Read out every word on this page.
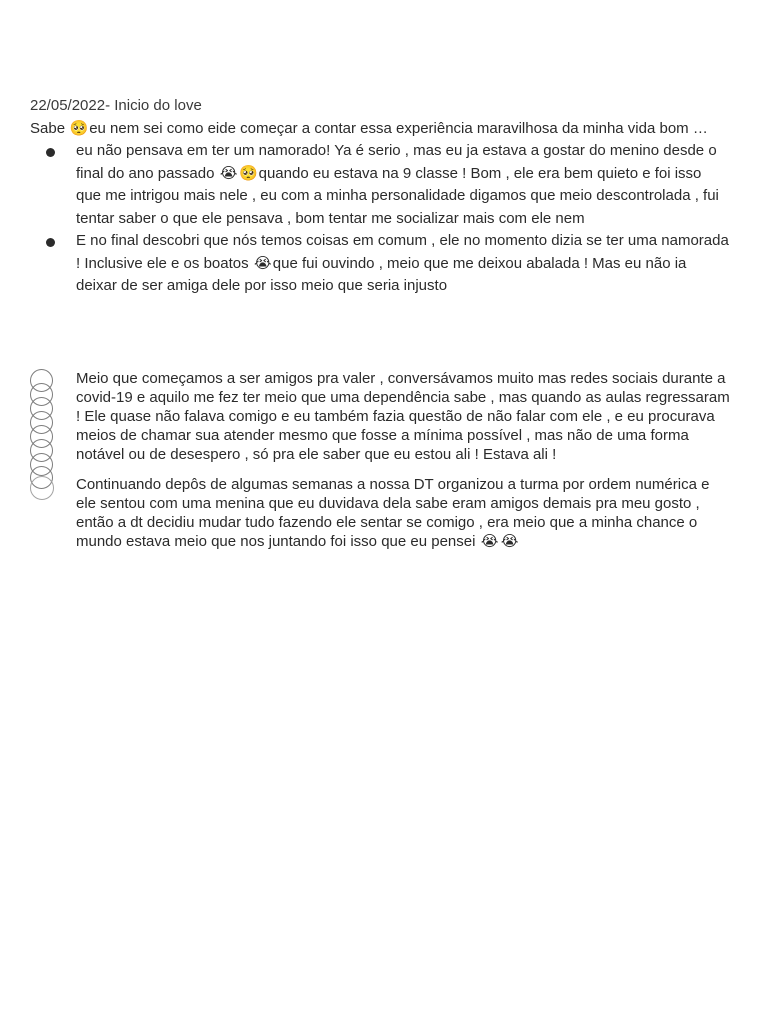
22/05/2022- Inicio do love

Sabe 🥺eu nem sei como eide começar a contar essa experiência maravilhosa da minha vida bom …

eu não pensava em ter um namorado! Ya é serio , mas eu ja estava a gostar do menino desde o final do ano passado 😭 🥺quando eu estava na 9 classe ! Bom , ele era bem quieto e foi isso que me intrigou mais nele , eu com a minha personalidade digamos que meio descontrolada , fui tentar saber o que ele pensava , bom tentar me socializar mais com ele nem
E no final descobri que nós temos coisas em comum , ele no momento dizia se ter uma namorada ! Inclusive ele e os boatos 😭que fui ouvindo , meio que me deixou abalada ! Mas eu não ia deixar de ser amiga dele por isso meio que seria injusto
Meio que começamos a ser amigos pra valer , conversávamos muito mas redes sociais durante a covid-19 e aquilo me fez ter meio que uma dependência sabe , mas quando as aulas regressaram ! Ele quase não falava comigo e eu também fazia questão de não falar com ele , e eu procurava meios de chamar sua atender mesmo que fosse a mínima possível , mas não de uma forma notável ou de desespero , só pra ele saber que eu estou ali ! Estava ali !
Continuando depôs de algumas semanas a nossa DT organizou a turma por ordem numérica e ele sentou com uma menina que eu duvidava dela sabe eram amigos demais pra meu gosto , então a dt decidiu mudar tudo fazendo ele sentar se comigo , era meio que a minha chance o mundo estava meio que nos juntando foi isso que eu pensei 😭 😭
